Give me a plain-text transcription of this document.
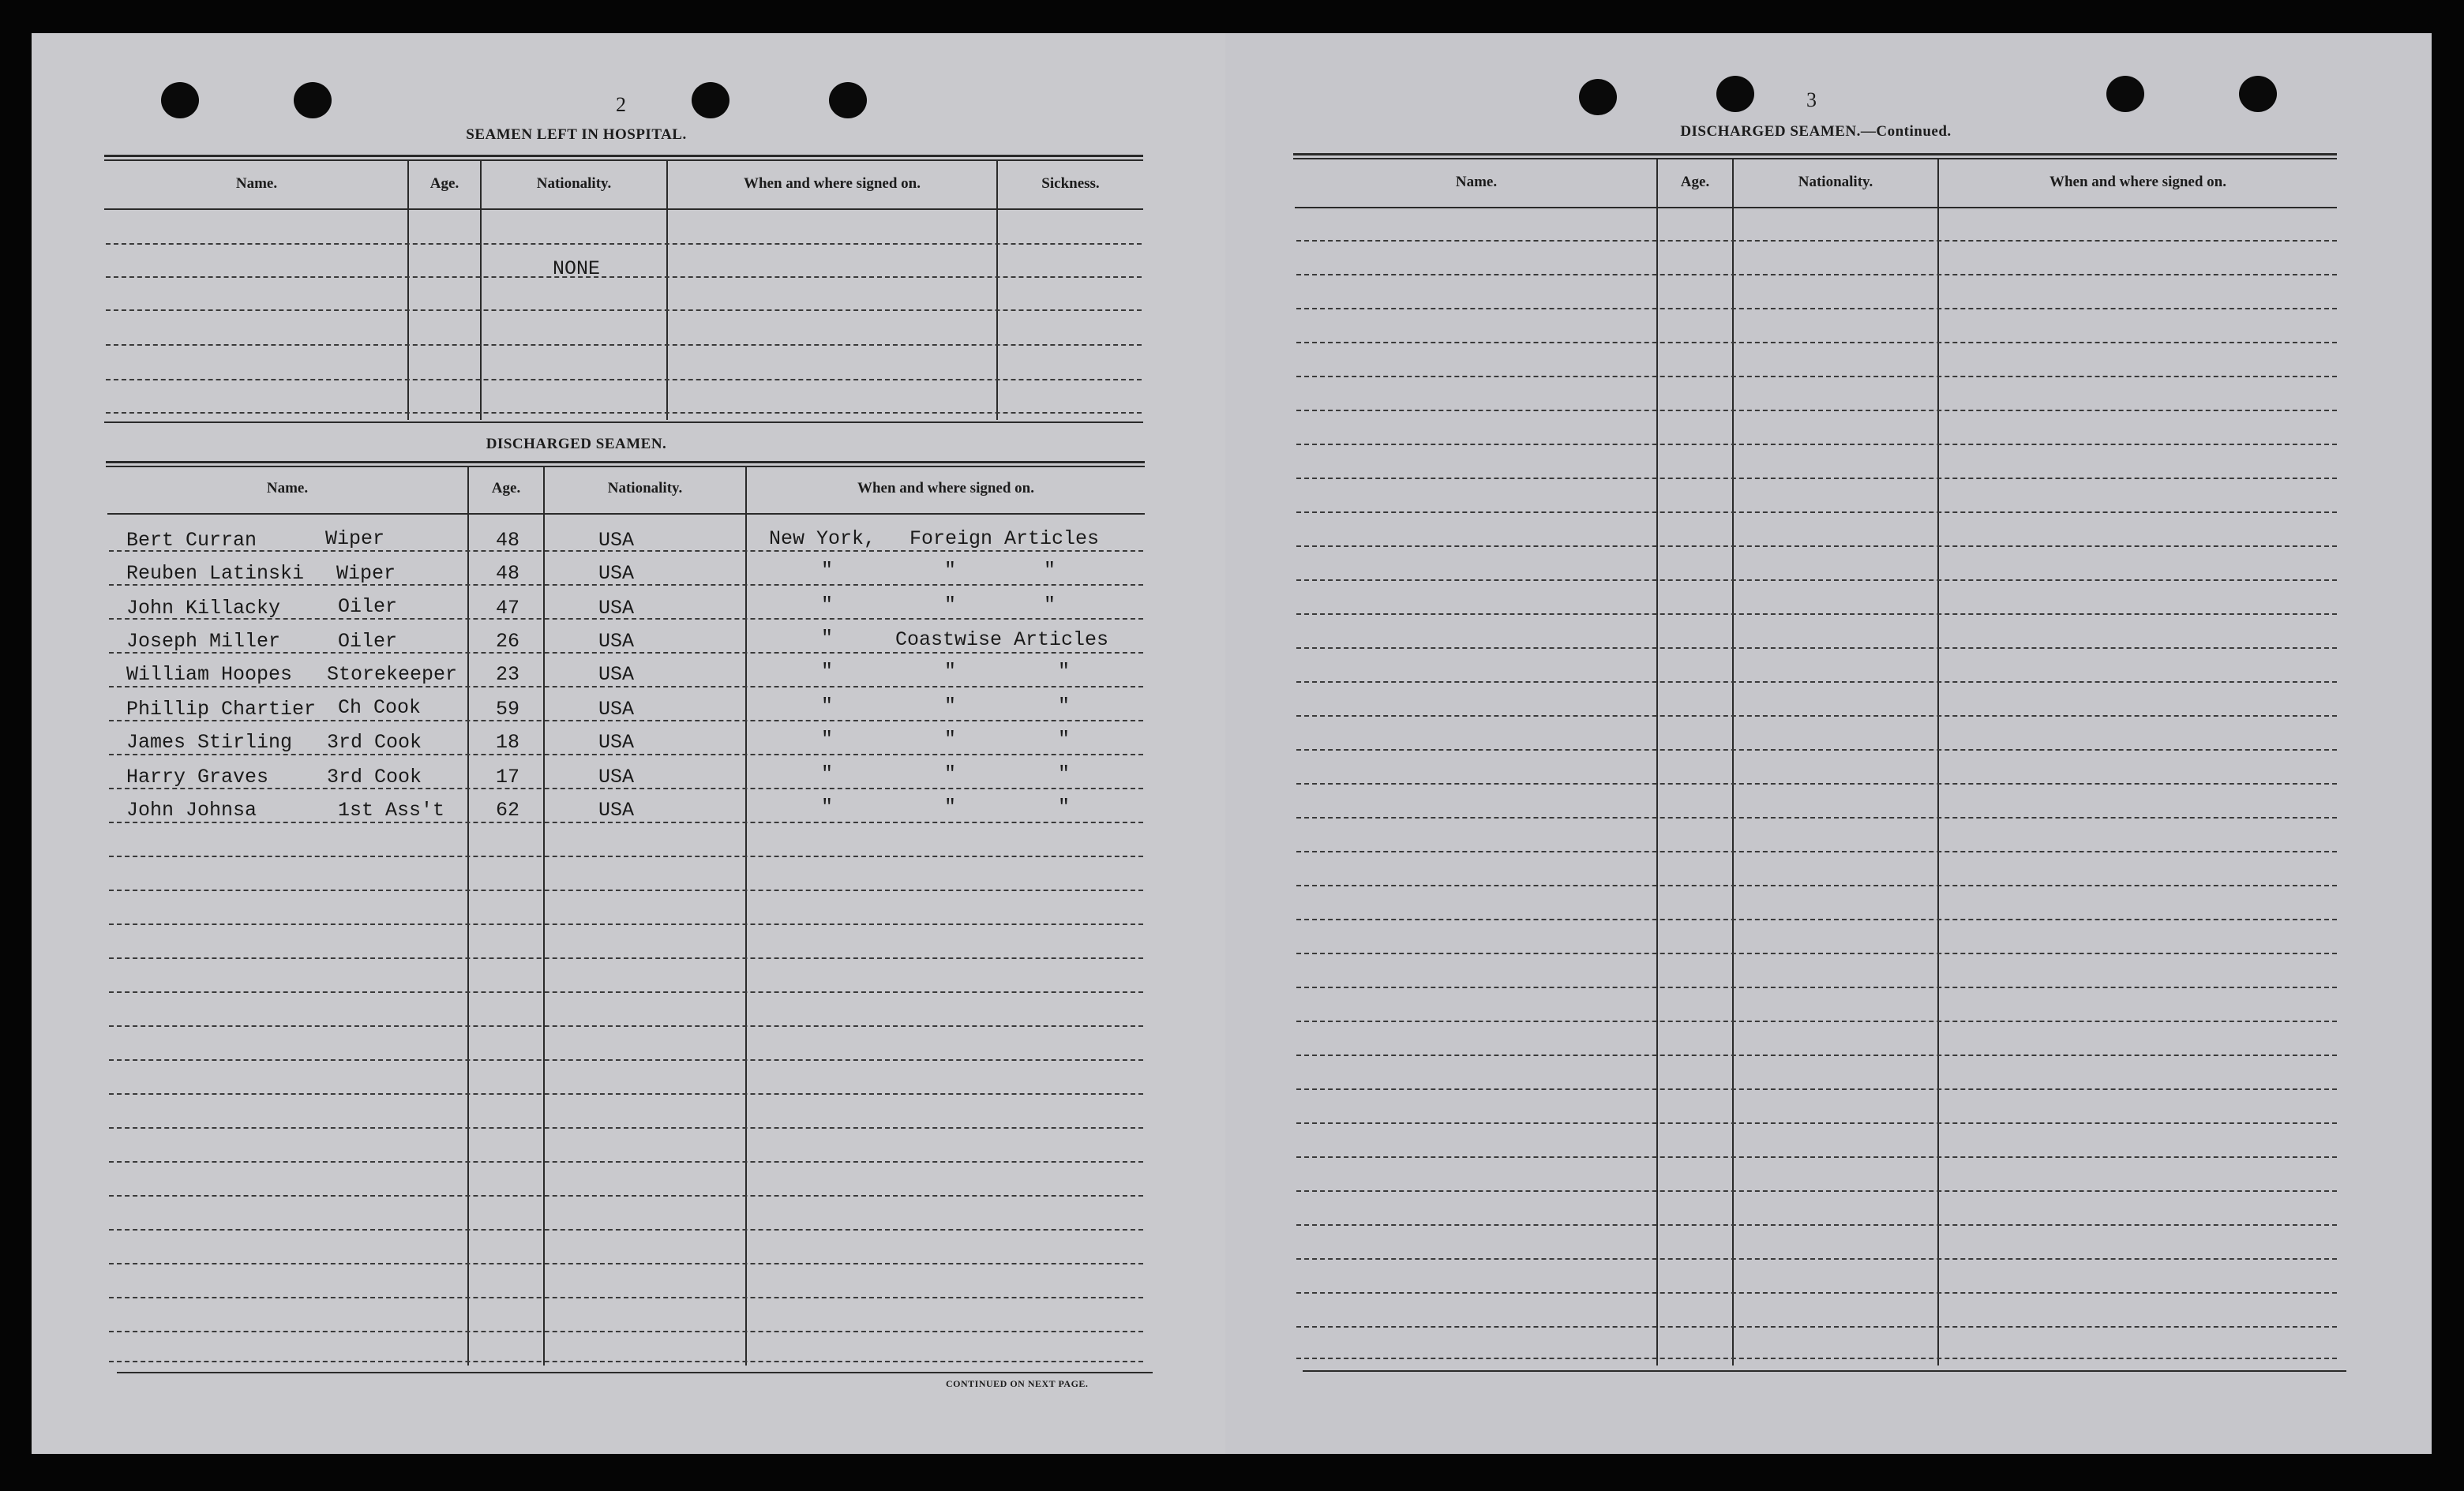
2
SEAMEN LEFT IN HOSPITAL.
Name.	Age.	Nationality.	When and where signed on.	Sickness.
NONE
DISCHARGED SEAMEN.
Name.	Age.	Nationality.	When and where signed on.
Bert Curran	Wiper	48	USA	New York, Foreign Articles
Reuben Latinski Wiper	48	USA	"	"	"
John Killacky	Oiler	47	USA	"	"	"
Joseph Miller	Oiler	26	USA	"	Coastwise Articles
William Hoopes Storekeeper 23	USA	"	"	"
Phillip Chartier Ch Cook	59	USA	"	"	"
James Stirling 3rd Cook	18	USA	"	"	"
Harry Graves	3rd Cook	17	USA	"	"	"
John Johnsa	1st Ass't	62	USA	"	"	"
CONTINUED ON NEXT PAGE.
3
DISCHARGED SEAMEN.—Continued.
Name.	Age.	Nationality.	When and where signed on.
